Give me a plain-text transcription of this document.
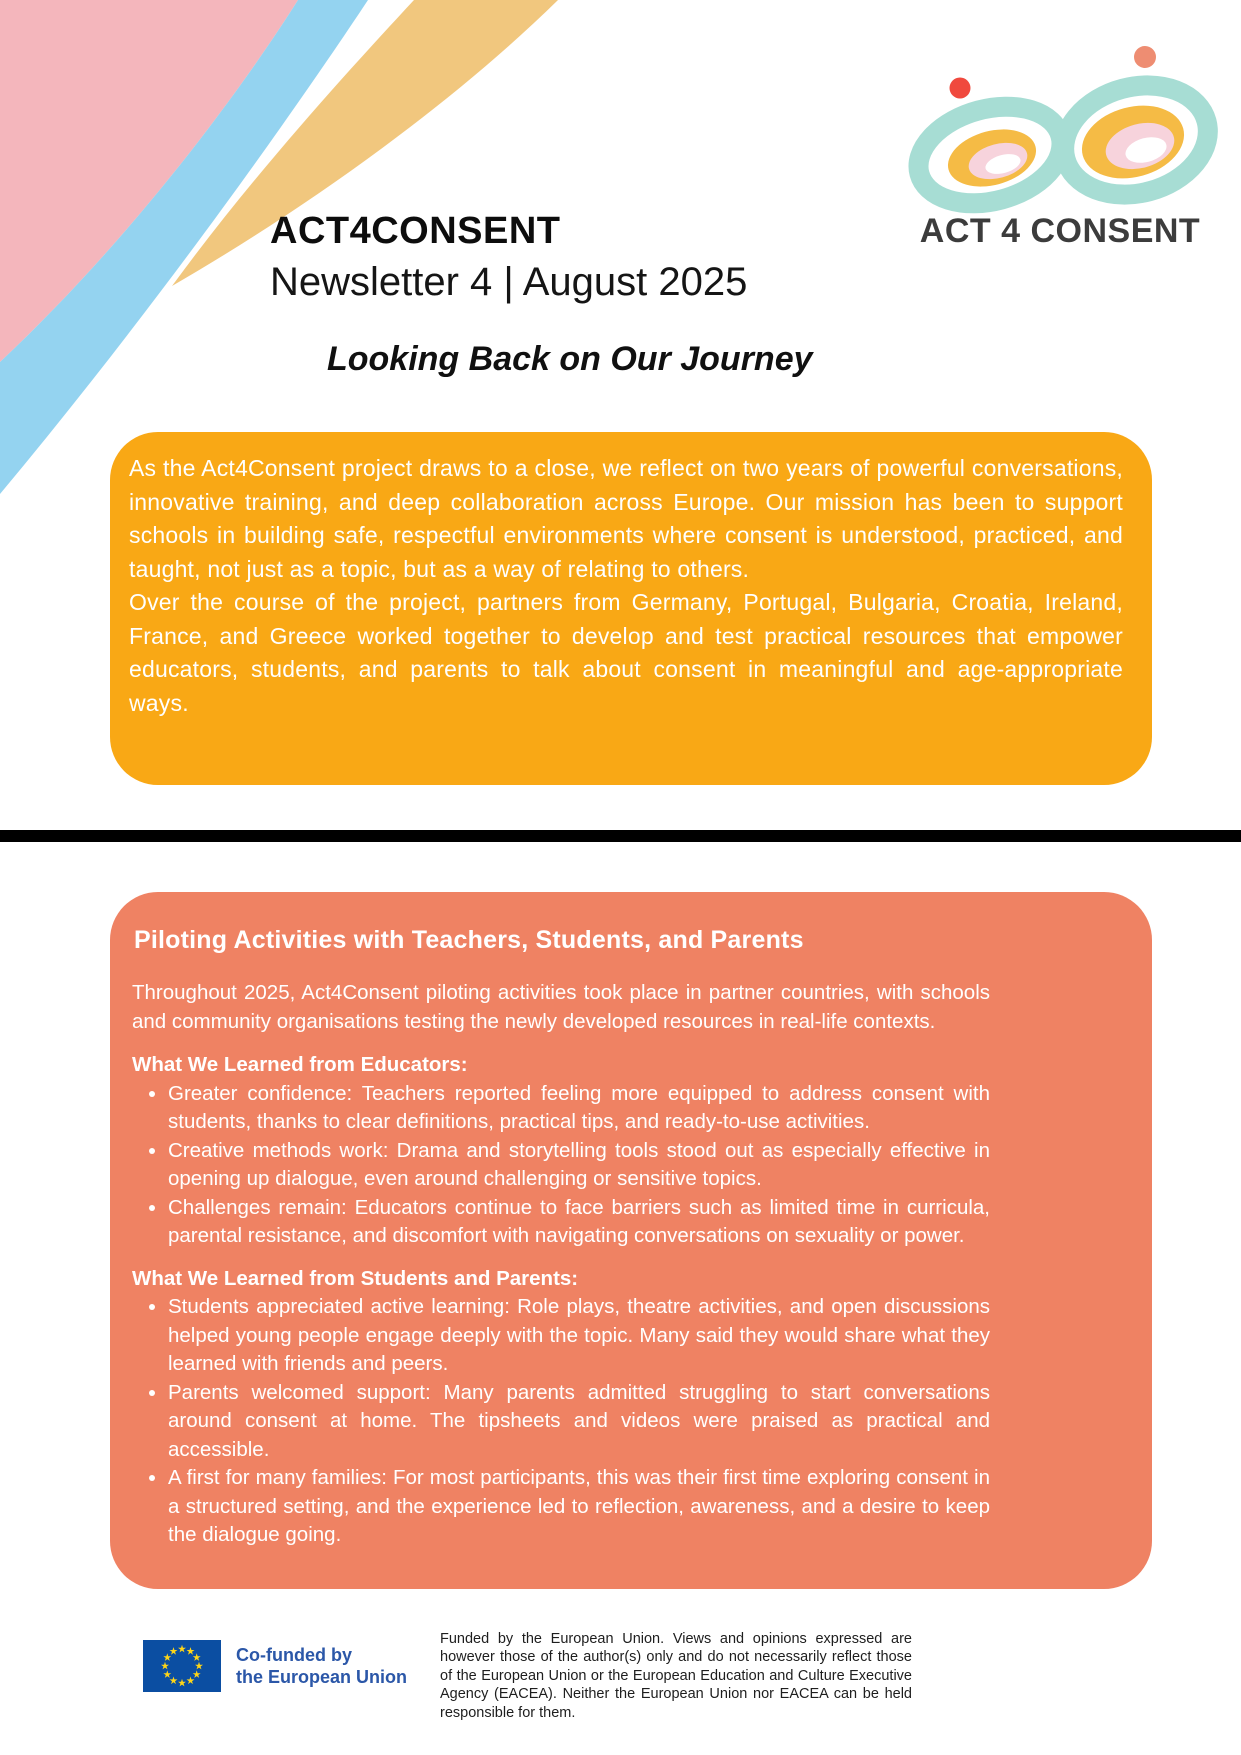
ACT 4 CONSENT
ACT4CONSENT
Newsletter 4 | August 2025
Looking Back on Our Journey

As the Act4Consent project draws to a close, we reflect on two years of powerful conversations, innovative training, and deep collaboration across Europe. Our mission has been to support schools in building safe, respectful environments where consent is understood, practiced, and taught, not just as a topic, but as a way of relating to others.

Over the course of the project, partners from Germany, Portugal, Bulgaria, Croatia, Ireland, France, and Greece worked together to develop and test practical resources that empower educators, students, and parents to talk about consent in meaningful and age-appropriate ways.

Piloting Activities with Teachers, Students, and Parents

Throughout 2025, Act4Consent piloting activities took place in partner countries, with schools and community organisations testing the newly developed resources in real-life contexts.

What We Learned from Educators:
• Greater confidence: Teachers reported feeling more equipped to address consent with students, thanks to clear definitions, practical tips, and ready-to-use activities.
• Creative methods work: Drama and storytelling tools stood out as especially effective in opening up dialogue, even around challenging or sensitive topics.
• Challenges remain: Educators continue to face barriers such as limited time in curricula, parental resistance, and discomfort with navigating conversations on sexuality or power.
What We Learned from Students and Parents:
• Students appreciated active learning: Role plays, theatre activities, and open discussions helped young people engage deeply with the topic. Many said they would share what they learned with friends and peers.
• Parents welcomed support: Many parents admitted struggling to start conversations around consent at home. The tipsheets and videos were praised as practical and accessible.
• A first for many families: For most participants, this was their first time exploring consent in a structured setting, and the experience led to reflection, awareness, and a desire to keep the dialogue going.
Co-funded by
the European Union

Funded by the European Union. Views and opinions expressed are however those of the author(s) only and do not necessarily reflect those of the European Union or the European Education and Culture Executive Agency (EACEA). Neither the European Union nor EACEA can be held responsible for them.
